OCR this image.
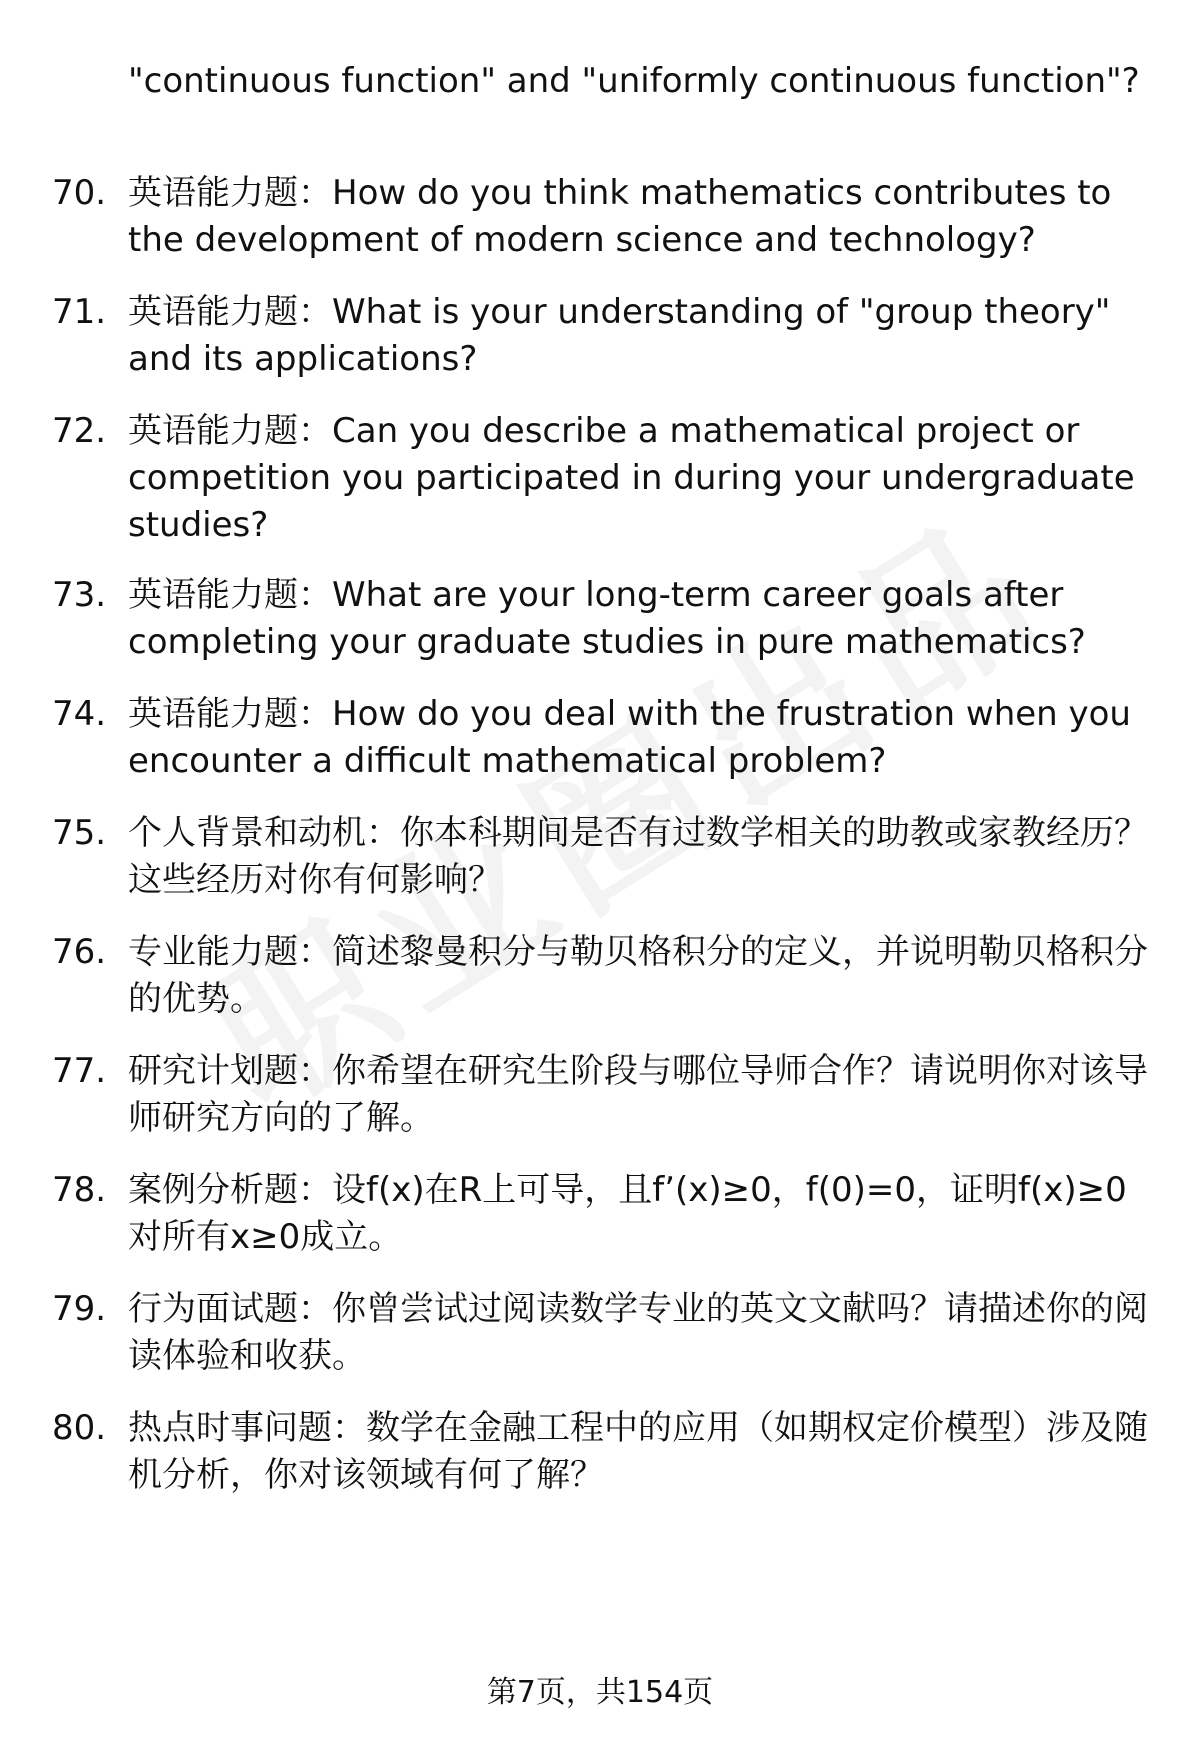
"continuous function" and "uniformly continuous function"?
70. 英语能力题：How do you think mathematics contributes to the development of modern science and technology?
71. 英语能力题：What is your understanding of "group theory" and its applications?
72. 英语能力题：Can you describe a mathematical project or competition you participated in during your undergraduate studies?
73. 英语能力题：What are your long-term career goals after completing your graduate studies in pure mathematics?
74. 英语能力题：How do you deal with the frustration when you encounter a difficult mathematical problem?
75. 个人背景和动机：你本科期间是否有过数学相关的助教或家教经历？这些经历对你有何影响？
76. 专业能力题：简述黎曼积分与勒贝格积分的定义，并说明勒贝格积分的优势。
77. 研究计划题：你希望在研究生阶段与哪位导师合作？请说明你对该导师研究方向的了解。
78. 案例分析题：设f(x)在R上可导，且f’(x)≥0，f(0)=0，证明f(x)≥0对所有x≥0成立。
79. 行为面试题：你曾尝试过阅读数学专业的英文文献吗？请描述你的阅读体验和收获。
80. 热点时事问题：数学在金融工程中的应用（如期权定价模型）涉及随机分析，你对该领域有何了解？
第7页，共154页
